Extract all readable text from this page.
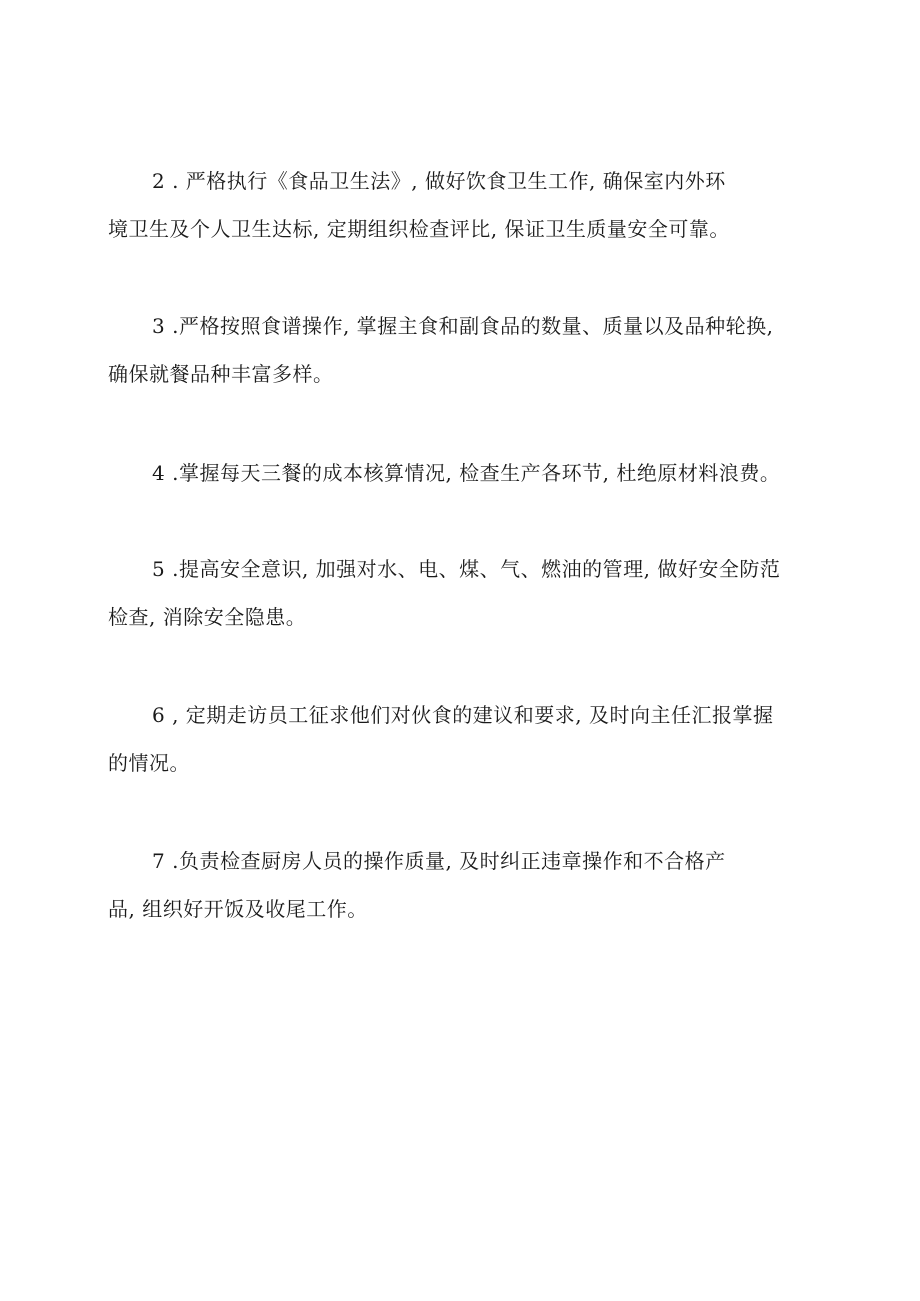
2 . 严格执行《食品卫生法》, 做好饮食卫生工作, 确保室内外环
境卫生及个人卫生达标, 定期组织检查评比, 保证卫生质量安全可靠。
3 .严格按照食谱操作, 掌握主食和副食品的数量、质量以及品种轮换,
确保就餐品种丰富多样。
4 .掌握每天三餐的成本核算情况, 检查生产各环节, 杜绝原材料浪费。
5 .提高安全意识, 加强对水、电、煤、气、燃油的管理, 做好安全防范
检查, 消除安全隐患。
6 , 定期走访员工征求他们对伙食的建议和要求, 及时向主任汇报掌握
的情况。
7 .负责检查厨房人员的操作质量, 及时纠正违章操作和不合格产
品, 组织好开饭及收尾工作。
